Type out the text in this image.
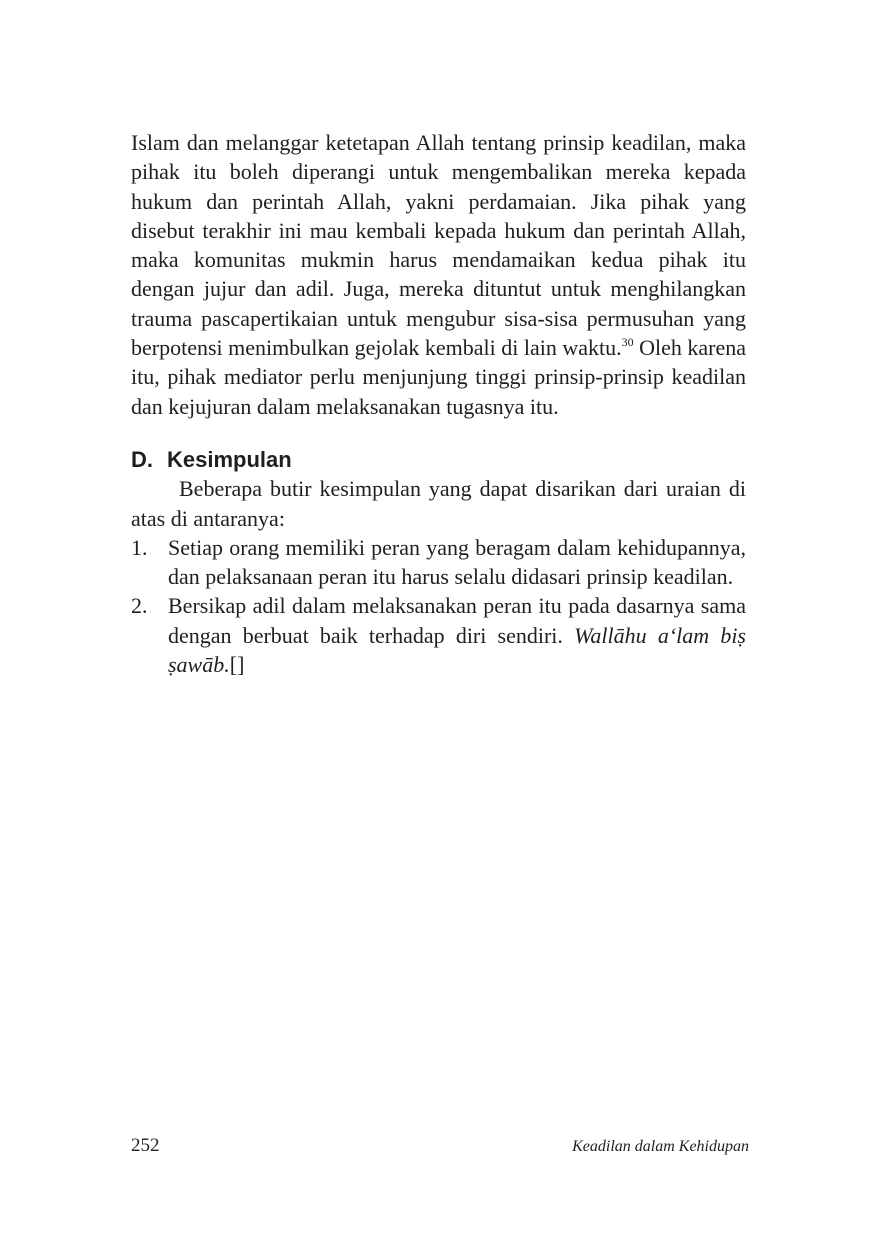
Islam dan melanggar ketetapan Allah tentang prinsip keadilan, maka pihak itu boleh diperangi untuk mengembalikan mereka kepada hukum dan perintah Allah, yakni perdamaian. Jika pihak yang disebut terakhir ini mau kembali kepada hukum dan perintah Allah, maka komunitas mukmin harus mendamaikan kedua pihak itu dengan jujur dan adil. Juga, mereka dituntut untuk menghilangkan trauma pascapertikaian untuk mengubur sisa-sisa permusuhan yang berpotensi menimbulkan gejolak kembali di lain waktu.$^{30}$ Oleh karena itu, pihak mediator perlu menjunjung tinggi prinsip-prinsip keadilan dan kejujuran dalam melaksanakan tugasnya itu.

D. Kesimpulan

Beberapa butir kesimpulan yang dapat disarikan dari uraian di atas di antaranya:

1. Setiap orang memiliki peran yang beragam dalam kehidupannya, dan pelaksanaan peran itu harus selalu didasari prinsip keadilan.
2. Bersikap adil dalam melaksanakan peran itu pada dasarnya sama dengan berbuat baik terhadap diri sendiri. Wallāhu a‘lam biṣ ṣawāb.[]
252	Keadilan dalam Kehidupan
